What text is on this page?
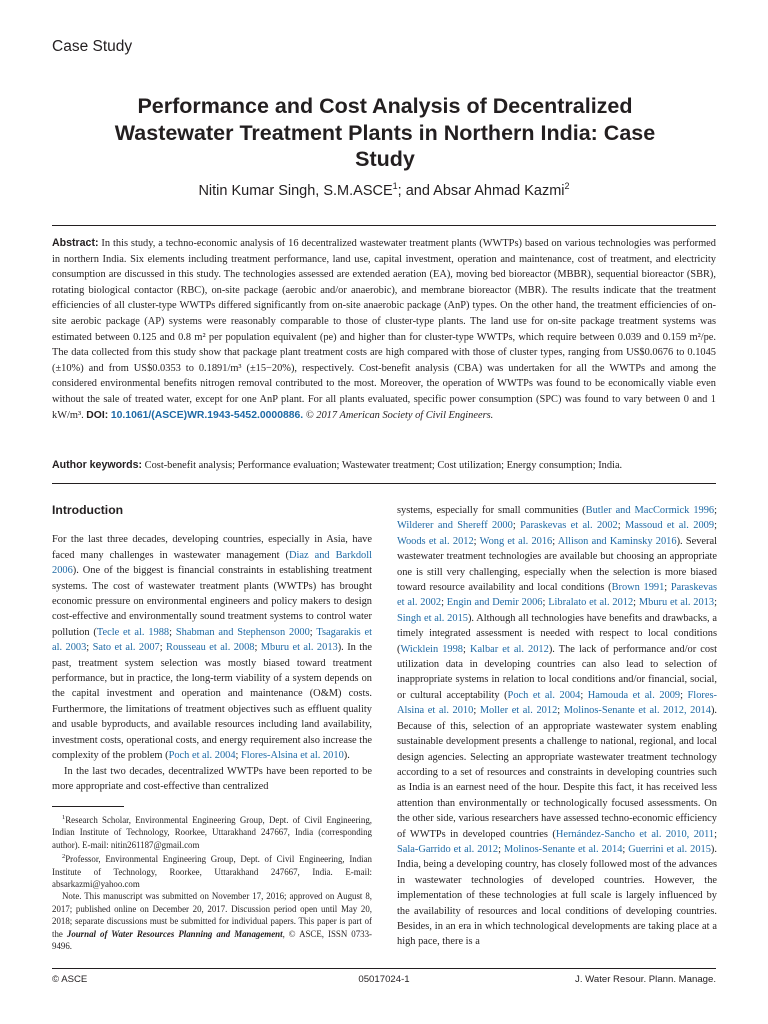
Case Study
Performance and Cost Analysis of Decentralized Wastewater Treatment Plants in Northern India: Case Study
Nitin Kumar Singh, S.M.ASCE$^1$; and Absar Ahmad Kazmi$^2$
Abstract: In this study, a techno-economic analysis of 16 decentralized wastewater treatment plants (WWTPs) based on various technologies was performed in northern India. Six elements including treatment performance, land use, capital investment, operation and maintenance, cost of treatment, and electricity consumption are discussed in this study. The technologies assessed are extended aeration (EA), moving bed bioreactor (MBBR), sequential bioreactor (SBR), rotating biological contactor (RBC), on-site package (aerobic and/or anaerobic), and membrane bioreactor (MBR). The results indicate that the treatment efficiencies of all cluster-type WWTPs differed significantly from on-site anaerobic package (AnP) types. On the other hand, the treatment efficiencies of on-site aerobic package (AP) systems were reasonably comparable to those of cluster-type plants. The land use for on-site package treatment systems was estimated between 0.125 and 0.8 m² per population equivalent (pe) and higher than for cluster-type WWTPs, which require between 0.039 and 0.159 m²/pe. The data collected from this study show that package plant treatment costs are high compared with those of cluster types, ranging from US$0.0676 to 0.1045 (±10%) and from US$0.0353 to 0.1891/m³ (±15−20%), respectively. Cost-benefit analysis (CBA) was undertaken for all the WWTPs and among the considered environmental benefits nitrogen removal contributed to the most. Moreover, the operation of WWTPs was found to be economically viable even without the sale of treated water, except for one AnP plant. For all plants evaluated, specific power consumption (SPC) was found to vary between 0 and 1 kW/m³. DOI: 10.1061/(ASCE)WR.1943-5452.0000886. © 2017 American Society of Civil Engineers.
Author keywords: Cost-benefit analysis; Performance evaluation; Wastewater treatment; Cost utilization; Energy consumption; India.
Introduction

For the last three decades, developing countries, especially in Asia, have faced many challenges in wastewater management (Diaz and Barkdoll 2006). One of the biggest is financial constraints in establishing treatment systems. The cost of wastewater treatment plants (WWTPs) has brought economic pressure on environmental engineers and policy makers to design cost-effective and environmentally sound treatment systems to control water pollution (Tecle et al. 1988; Shabman and Stephenson 2000; Tsagarakis et al. 2003; Sato et al. 2007; Rousseau et al. 2008; Mburu et al. 2013). In the past, treatment system selection was mostly biased toward treatment performance, but in practice, the long-term viability of a system depends on the capital investment and operation and maintenance (O&M) costs. Furthermore, the limitations of treatment objectives such as effluent quality and usable byproducts, and available resources including land availability, investment costs, operational costs, and energy requirement also increase the complexity of the problem (Poch et al. 2004; Flores-Alsina et al. 2010).

In the last two decades, decentralized WWTPs have been reported to be more appropriate and cost-effective than centralized

systems, especially for small communities (Butler and MacCormick 1996; Wilderer and Shereff 2000; Paraskevas et al. 2002; Massoud et al. 2009; Woods et al. 2012; Wong et al. 2016; Allison and Kaminsky 2016). Several wastewater treatment technologies are available but choosing an appropriate one is still very challenging, especially when the selection is more biased toward resource availability and local conditions (Brown 1991; Paraskevas et al. 2002; Engin and Demir 2006; Libralato et al. 2012; Mburu et al. 2013; Singh et al. 2015). Although all technologies have benefits and drawbacks, a timely integrated assessment is needed with respect to local conditions (Wicklein 1998; Kalbar et al. 2012). The lack of performance and/or cost utilization data in developing countries can also lead to selection of inappropriate systems in relation to local conditions and/or financial, social, or cultural acceptability (Poch et al. 2004; Hamouda et al. 2009; Flores-Alsina et al. 2010; Moller et al. 2012; Molinos-Senante et al. 2012, 2014). Because of this, selection of an appropriate wastewater system enabling sustainable development presents a challenge to national, regional, and local design agencies. Selecting an appropriate wastewater treatment technology according to a set of resources and constraints in developing countries such as India is an earnest need of the hour. Despite this fact, it has received less attention than environmentally or technologically focused assessments. On the other side, various researchers have assessed techno-economic efficiency of WWTPs in developed countries (Hernández-Sancho et al. 2010, 2011; Sala-Garrido et al. 2012; Molinos-Senante et al. 2014; Guerrini et al. 2015). India, being a developing country, has closely followed most of the advances in wastewater technologies of developed countries. However, the implementation of these technologies at full scale is largely influenced by the availability of resources and local conditions of developing countries. Besides, in an era in which technological developments are taking place at a high pace, there is a

$^1$Research Scholar, Environmental Engineering Group, Dept. of Civil Engineering, Indian Institute of Technology, Roorkee, Uttarakhand 247667, India (corresponding author). E-mail: nitin261187@gmail.com

$^2$Professor, Environmental Engineering Group, Dept. of Civil Engineering, Indian Institute of Technology, Roorkee, Uttarakhand 247667, India. E-mail: absarkazmi@yahoo.com

Note. This manuscript was submitted on November 17, 2016; approved on August 8, 2017; published online on December 20, 2017. Discussion period open until May 20, 2018; separate discussions must be submitted for individual papers. This paper is part of the Journal of Water Resources Planning and Management, © ASCE, ISSN 0733-9496.

© ASCE	05017024-1	J. Water Resour. Plann. Manage.
